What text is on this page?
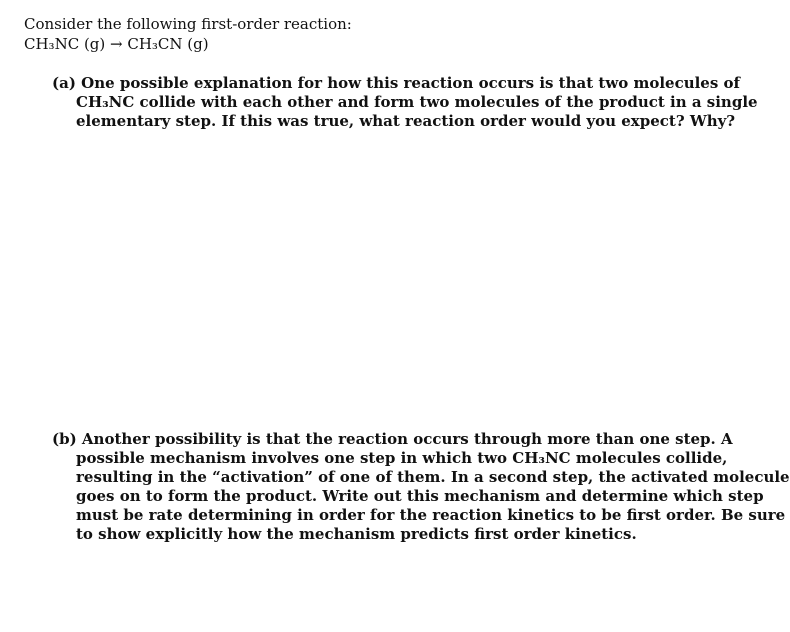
Consider the following first-order reaction:
CH₃NC (g) → CH₃CN (g)
(a) One possible explanation for how this reaction occurs is that two molecules of
CH₃NC collide with each other and form two molecules of the product in a single
elementary step. If this was true, what reaction order would you expect? Why?
(b) Another possibility is that the reaction occurs through more than one step. A
possible mechanism involves one step in which two CH₃NC molecules collide,
resulting in the “activation” of one of them. In a second step, the activated molecule
goes on to form the product. Write out this mechanism and determine which step
must be rate determining in order for the reaction kinetics to be first order. Be sure
to show explicitly how the mechanism predicts first order kinetics.
